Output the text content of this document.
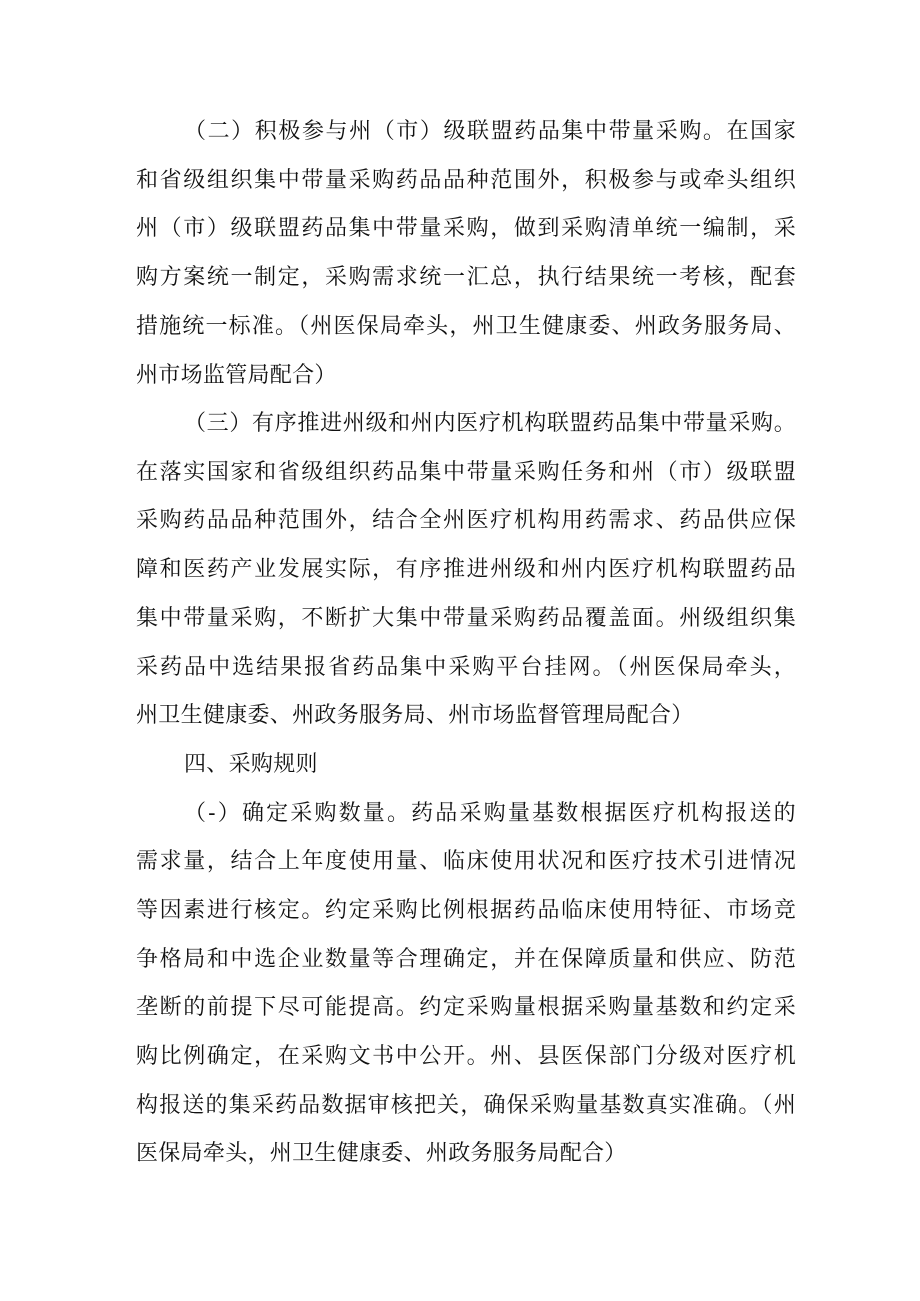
（二）积极参与州（市）级联盟药品集中带量采购。在国家
和省级组织集中带量采购药品品种范围外，积极参与或牵头组织
州（市）级联盟药品集中带量采购，做到采购清单统一编制，采
购方案统一制定，采购需求统一汇总，执行结果统一考核，配套
措施统一标准。（州医保局牵头，州卫生健康委、州政务服务局、
州市场监管局配合）
（三）有序推进州级和州内医疗机构联盟药品集中带量采购。
在落实国家和省级组织药品集中带量采购任务和州（市）级联盟
采购药品品种范围外，结合全州医疗机构用药需求、药品供应保
障和医药产业发展实际，有序推进州级和州内医疗机构联盟药品
集中带量采购，不断扩大集中带量采购药品覆盖面。州级组织集
采药品中选结果报省药品集中采购平台挂网。（州医保局牵头，
州卫生健康委、州政务服务局、州市场监督管理局配合）
四、采购规则
（-）确定采购数量。药品采购量基数根据医疗机构报送的
需求量，结合上年度使用量、临床使用状况和医疗技术引进情况
等因素进行核定。约定采购比例根据药品临床使用特征、市场竞
争格局和中选企业数量等合理确定，并在保障质量和供应、防范
垄断的前提下尽可能提高。约定采购量根据采购量基数和约定采
购比例确定，在采购文书中公开。州、县医保部门分级对医疗机
构报送的集采药品数据审核把关，确保采购量基数真实准确。（州
医保局牵头，州卫生健康委、州政务服务局配合）
